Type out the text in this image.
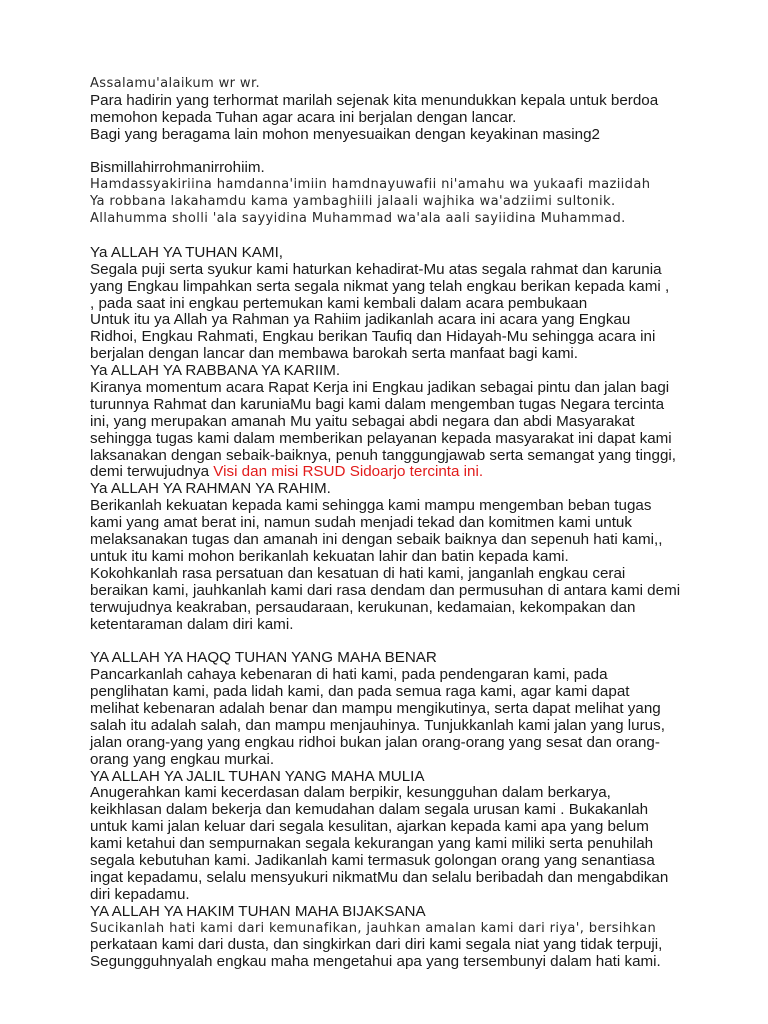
Assalamu'alaikum wr wr.
Para hadirin yang terhormat marilah sejenak kita menundukkan kepala untuk berdoa
memohon kepada Tuhan agar acara ini berjalan dengan lancar.
Bagi yang beragama lain mohon menyesuaikan dengan keyakinan masing2
Bismillahirrohmanirrohiim.
Hamdassyakiriina hamdanna'imiin hamdnayuwafii ni'amahu wa yukaafi maziidah
Ya robbana lakahamdu kama yambaghiili jalaali wajhika wa'adziimi sultonik.
Allahumma sholli 'ala sayyidina Muhammad wa'ala aali sayiidina Muhammad.
Ya ALLAH YA TUHAN KAMI,
Segala puji serta syukur kami haturkan kehadirat-Mu atas segala rahmat dan karunia
yang Engkau limpahkan serta segala nikmat yang telah engkau berikan kepada kami ,
, pada saat ini engkau pertemukan kami kembali dalam acara pembukaan
Untuk itu ya Allah ya Rahman ya Rahiim jadikanlah acara ini acara yang Engkau
Ridhoi, Engkau Rahmati, Engkau berikan Taufiq dan Hidayah-Mu sehingga acara ini
berjalan dengan lancar dan membawa barokah serta manfaat bagi kami.
Ya ALLAH YA RABBANA YA KARIIM.
Kiranya momentum acara Rapat Kerja ini Engkau jadikan sebagai pintu dan jalan bagi
turunnya Rahmat dan karuniaMu bagi kami dalam mengemban tugas Negara tercinta
ini, yang merupakan amanah Mu yaitu sebagai abdi negara dan abdi Masyarakat
sehingga tugas kami dalam memberikan pelayanan kepada masyarakat ini dapat kami
laksanakan dengan sebaik-baiknya, penuh tanggungjawab serta semangat yang tinggi,
demi terwujudnya Visi dan misi RSUD Sidoarjo tercinta ini.
Ya ALLAH YA RAHMAN YA RAHIM.
Berikanlah kekuatan kepada kami sehingga kami mampu mengemban beban tugas
kami yang amat berat ini, namun sudah menjadi tekad dan komitmen kami untuk
melaksanakan tugas dan amanah ini dengan sebaik baiknya dan sepenuh hati kami,,
untuk itu kami mohon berikanlah kekuatan lahir dan batin kepada kami.
Kokohkanlah rasa persatuan dan kesatuan di hati kami, janganlah engkau cerai
beraikan kami, jauhkanlah kami dari rasa dendam dan permusuhan di antara kami demi
terwujudnya keakraban, persaudaraan, kerukunan, kedamaian, kekompakan dan
ketentaraman dalam diri kami.
YA ALLAH YA HAQQ TUHAN YANG MAHA BENAR
Pancarkanlah cahaya kebenaran di hati kami, pada pendengaran kami, pada
penglihatan kami, pada lidah kami, dan pada semua raga kami, agar kami dapat
melihat kebenaran adalah benar dan mampu mengikutinya, serta dapat melihat yang
salah itu adalah salah, dan mampu menjauhinya. Tunjukkanlah kami jalan yang lurus,
jalan orang-yang yang engkau ridhoi bukan jalan orang-orang yang sesat dan orang-
orang yang engkau murkai.
YA ALLAH YA JALIL TUHAN YANG MAHA MULIA
Anugerahkan kami kecerdasan dalam berpikir, kesungguhan dalam berkarya,
keikhlasan dalam bekerja dan kemudahan dalam segala urusan kami . Bukakanlah
untuk kami jalan keluar dari segala kesulitan, ajarkan kepada kami apa yang belum
kami ketahui dan sempurnakan segala kekurangan yang kami miliki serta penuhilah
segala kebutuhan kami. Jadikanlah kami termasuk golongan orang yang senantiasa
ingat kepadamu, selalu mensyukuri nikmatMu dan selalu beribadah dan mengabdikan
diri kepadamu.
YA ALLAH YA HAKIM TUHAN MAHA BIJAKSANA
Sucikanlah hati kami dari kemunafikan, jauhkan amalan kami dari riya', bersihkan
perkataan kami dari dusta, dan singkirkan dari diri kami segala niat yang tidak terpuji,
Segungguhnyalah engkau maha mengetahui apa yang tersembunyi dalam hati kami.
